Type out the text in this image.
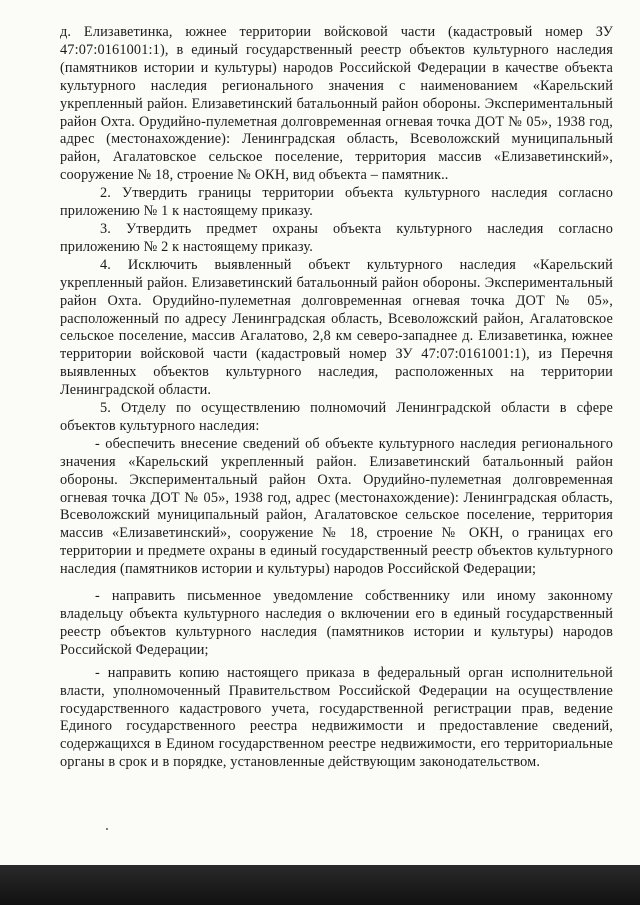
д. Елизаветинка, южнее территории войсковой части (кадастровый номер ЗУ 47:07:0161001:1), в единый государственный реестр объектов культурного наследия (памятников истории и культуры) народов Российской Федерации в качестве объекта культурного наследия регионального значения с наименованием «Карельский укрепленный район. Елизаветинский батальонный район обороны. Экспериментальный район Охта. Орудийно-пулеметная долговременная огневая точка ДОТ № 05», 1938 год, адрес (местонахождение): Ленинградская область, Всеволожский муниципальный район, Агалатовское сельское поселение, территория массив «Елизаветинский», сооружение № 18, строение № ОКН, вид объекта – памятник..

2. Утвердить границы территории объекта культурного наследия согласно приложению № 1 к настоящему приказу.

3. Утвердить предмет охраны объекта культурного наследия согласно приложению № 2 к настоящему приказу.

4. Исключить выявленный объект культурного наследия «Карельский укрепленный район. Елизаветинский батальонный район обороны. Экспериментальный район Охта. Орудийно-пулеметная долговременная огневая точка ДОТ № 05», расположенный по адресу Ленинградская область, Всеволожский район, Агалатовское сельское поселение, массив Агалатово, 2,8 км северо-западнее д. Елизаветинка, южнее территории войсковой части (кадастровый номер ЗУ 47:07:0161001:1), из Перечня выявленных объектов культурного наследия, расположенных на территории Ленинградской области.

5. Отделу по осуществлению полномочий Ленинградской области в сфере объектов культурного наследия:

- обеспечить внесение сведений об объекте культурного наследия регионального значения «Карельский укрепленный район. Елизаветинский батальонный район обороны. Экспериментальный район Охта. Орудийно-пулеметная долговременная огневая точка ДОТ № 05», 1938 год, адрес (местонахождение): Ленинградская область, Всеволожский муниципальный район, Агалатовское сельское поселение, территория массив «Елизаветинский», сооружение № 18, строение № ОКН, о границах его территории и предмете охраны в единый государственный реестр объектов культурного наследия (памятников истории и культуры) народов Российской Федерации;

- направить письменное уведомление собственнику или иному законному владельцу объекта культурного наследия о включении его в единый государственный реестр объектов культурного наследия (памятников истории и культуры) народов Российской Федерации;

- направить копию настоящего приказа в федеральный орган исполнительной власти, уполномоченный Правительством Российской Федерации на осуществление государственного кадастрового учета, государственной регистрации прав, ведение Единого государственного реестра недвижимости и предоставление сведений, содержащихся в Едином государственном реестре недвижимости, его территориальные органы в срок и в порядке, установленные действующим законодательством.
